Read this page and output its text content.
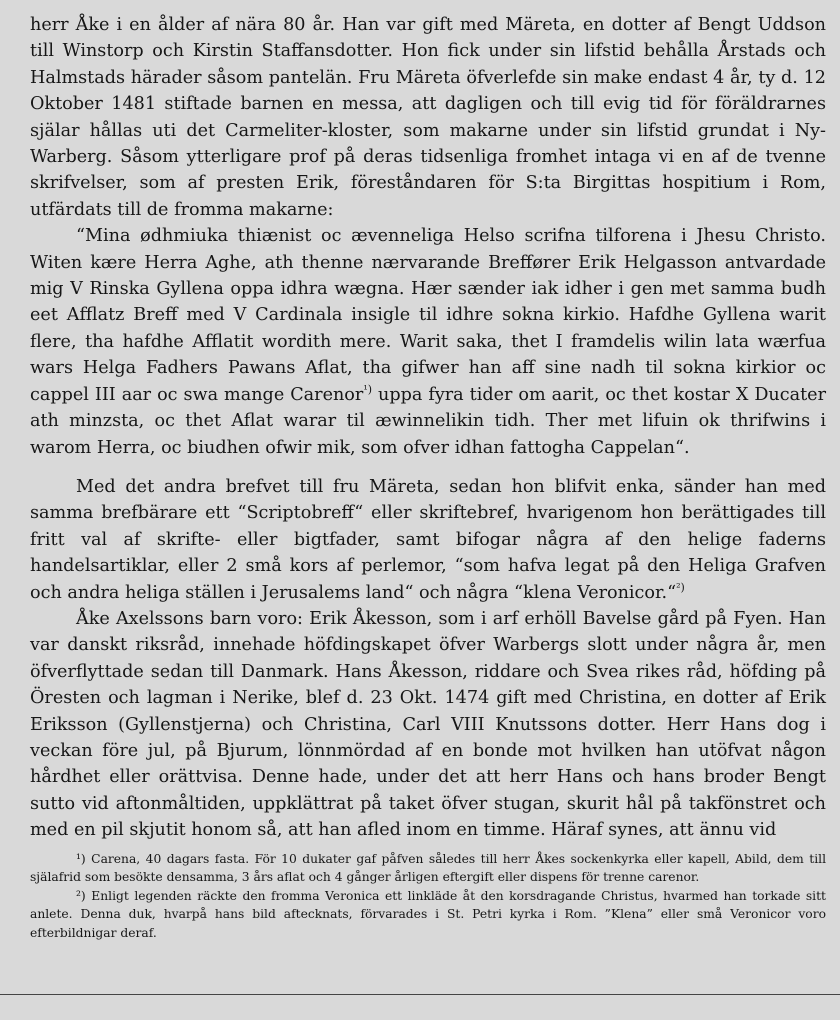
herr Åke i en ålder af nära 80 år. Han var gift med Märeta, en dotter af Bengt Uddson till Winstorp och Kirstin Staffansdotter. Hon fick under sin lifstid behålla Årstads och Halmstads härader såsom pantelän. Fru Märeta öfverlefde sin make endast 4 år, ty d. 12 Oktober 1481 stiftade barnen en messa, att dagligen och till evig tid för föräldrarnes själar hållas uti det Carmeliter-kloster, som makarne under sin lifstid grundat i Ny-Warberg. Såsom ytterligare prof på deras tidsenliga fromhet intaga vi en af de tvenne skrifvelser, som af presten Erik, föreståndaren för S:ta Birgittas hospitium i Rom, utfärdats till de fromma makarne:

“Mina ødhmiuka thiænist oc ævenneliga Helso scrifna tilforena i Jhesu Christo. Witen kære Herra Aghe, ath thenne nærvarande Breffører Erik Helgasson antvardade mig V Rinska Gyllena oppa idhra wægna. Hær sænder iak idher i gen met samma budh eet Afflatz Breff med V Cardinala insigle til idhre sokna kirkio. Hafdhe Gyllena warit flere, tha hafdhe Afflatit wordith mere. Warit saka, thet I framdelis wilin lata wærfua wars Helga Fadhers Pawans Aflat, tha gifwer han aff sine nadh til sokna kirkior oc cappel III aar oc swa mange Carenor$^{^1)}$ uppa fyra tider om aarit, oc thet kostar X Ducater ath minzsta, oc thet Aflat warar til æwinnelikin tidh. Ther met lifuin ok thrifwins i warom Herra, oc biudhen ofwir mik, som ofver idhan fattogha Cappelan“.

Med det andra brefvet till fru Märeta, sedan hon blifvit enka, sänder han med samma brefbärare ett “Scriptobreff“ eller skriftebref, hvarigenom hon berättigades till fritt val af skrifte- eller bigtfader, samt bifogar några af den helige faderns handelsartiklar, eller 2 små kors af perlemor, “som hafva legat på den Heliga Grafven och andra heliga ställen i Jerusalems land“ och några “klena Veronicor.“$^{^2)}$

Åke Axelssons barn voro: Erik Åkesson, som i arf erhöll Bavelse gård på Fyen. Han var danskt riksråd, innehade höfdingskapet öfver Warbergs slott under några år, men öfverflyttade sedan till Danmark. Hans Åkesson, riddare och Svea rikes råd, höfding på Öresten och lagman i Nerike, blef d. 23 Okt. 1474 gift med Christina, en dotter af Erik Eriksson (Gyllenstjerna) och Christina, Carl VIII Knutssons dotter. Herr Hans dog i veckan före jul, på Bjurum, lönnmördad af en bonde mot hvilken han utöfvat någon hårdhet eller orättvisa. Denne hade, under det att herr Hans och hans broder Bengt sutto vid aftonmåltiden, uppklättrat på taket öfver stugan, skurit hål på takfönstret och med en pil skjutit honom så, att han afled inom en timme. Häraf synes, att ännu vid

¹) Carena, 40 dagars fasta. För 10 dukater gaf påfven således till herr Åkes sockenkyrka eller kapell, Abild, dem till själafrid som besökte densamma, 3 års aflat och 4 gånger årligen eftergift eller dispens för trenne carenor.

²) Enligt legenden räckte den fromma Veronica ett linkläde åt den korsdragande Christus, hvarmed han torkade sitt anlete. Denna duk, hvarpå hans bild aftecknats, förvarades i St. Petri kyrka i Rom. ”Klena” eller små Veronicor voro efterbildnigar deraf.
